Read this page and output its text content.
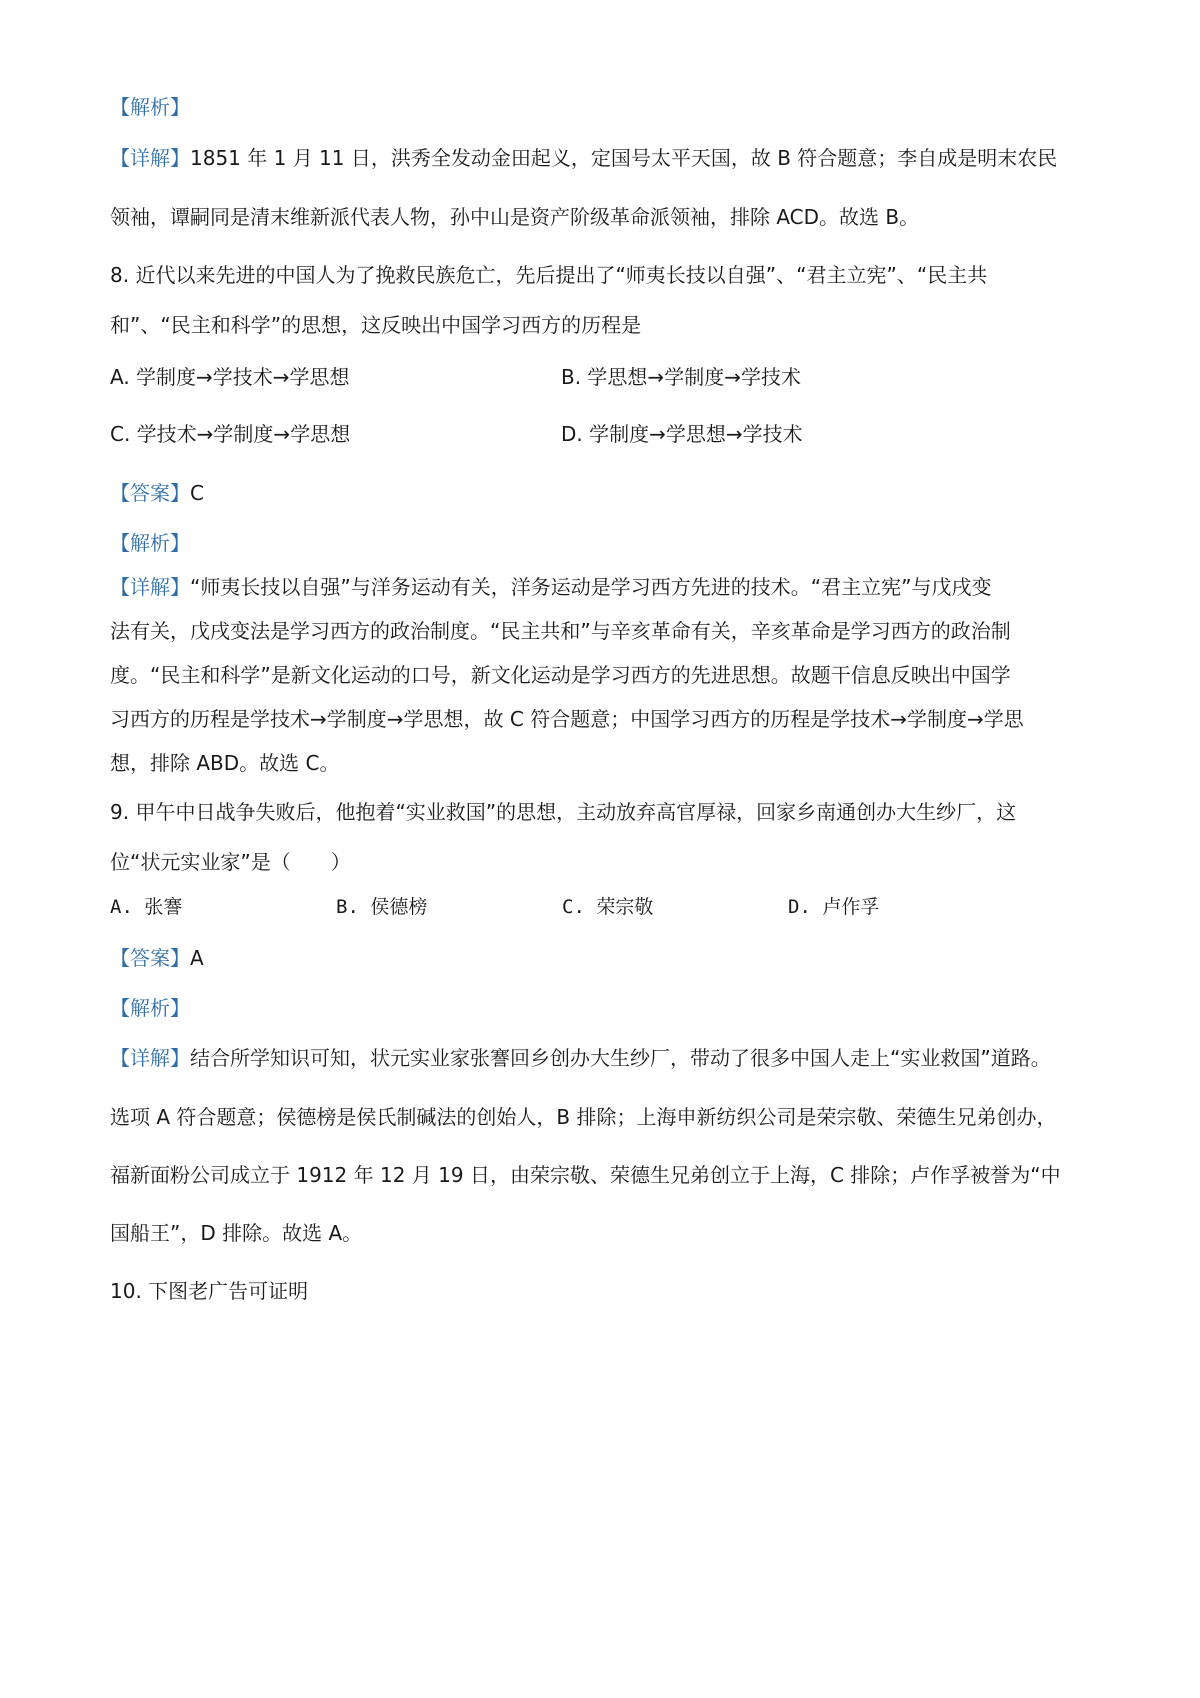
【解析】
【详解】1851 年 1 月 11 日，洪秀全发动金田起义，定国号太平天国，故 B 符合题意；李自成是明末农民
领袖，谭嗣同是清末维新派代表人物，孙中山是资产阶级革命派领袖，排除 ACD。故选 B。
8. 近代以来先进的中国人为了挽救民族危亡，先后提出了“师夷长技以自强”、“君主立宪”、“民主共
和”、“民主和科学”的思想，这反映出中国学习西方的历程是
A. 学制度→学技术→学思想	B. 学思想→学制度→学技术
C. 学技术→学制度→学思想	D. 学制度→学思想→学技术
【答案】C
【解析】
【详解】“师夷长技以自强”与洋务运动有关，洋务运动是学习西方先进的技术。“君主立宪”与戊戌变
法有关，戊戌变法是学习西方的政治制度。“民主共和”与辛亥革命有关，辛亥革命是学习西方的政治制
度。“民主和科学”是新文化运动的口号，新文化运动是学习西方的先进思想。故题干信息反映出中国学
习西方的历程是学技术→学制度→学思想，故 C 符合题意；中国学习西方的历程是学技术→学制度→学思
想，排除 ABD。故选 C。
9. 甲午中日战争失败后，他抱着“实业救国”的思想，主动放弃高官厚禄，回家乡南通创办大生纱厂，这
位“状元实业家”是（　　）
A. 张謇	B. 侯德榜	C. 荣宗敬	D. 卢作孚
【答案】A
【解析】
【详解】结合所学知识可知，状元实业家张謇回乡创办大生纱厂，带动了很多中国人走上“实业救国”道路。
选项 A 符合题意；侯德榜是侯氏制碱法的创始人，B 排除；上海申新纺织公司是荣宗敬、荣德生兄弟创办，
福新面粉公司成立于 1912 年 12 月 19 日，由荣宗敬、荣德生兄弟创立于上海，C 排除；卢作孚被誉为“中
国船王”，D 排除。故选 A。
10. 下图老广告可证明
